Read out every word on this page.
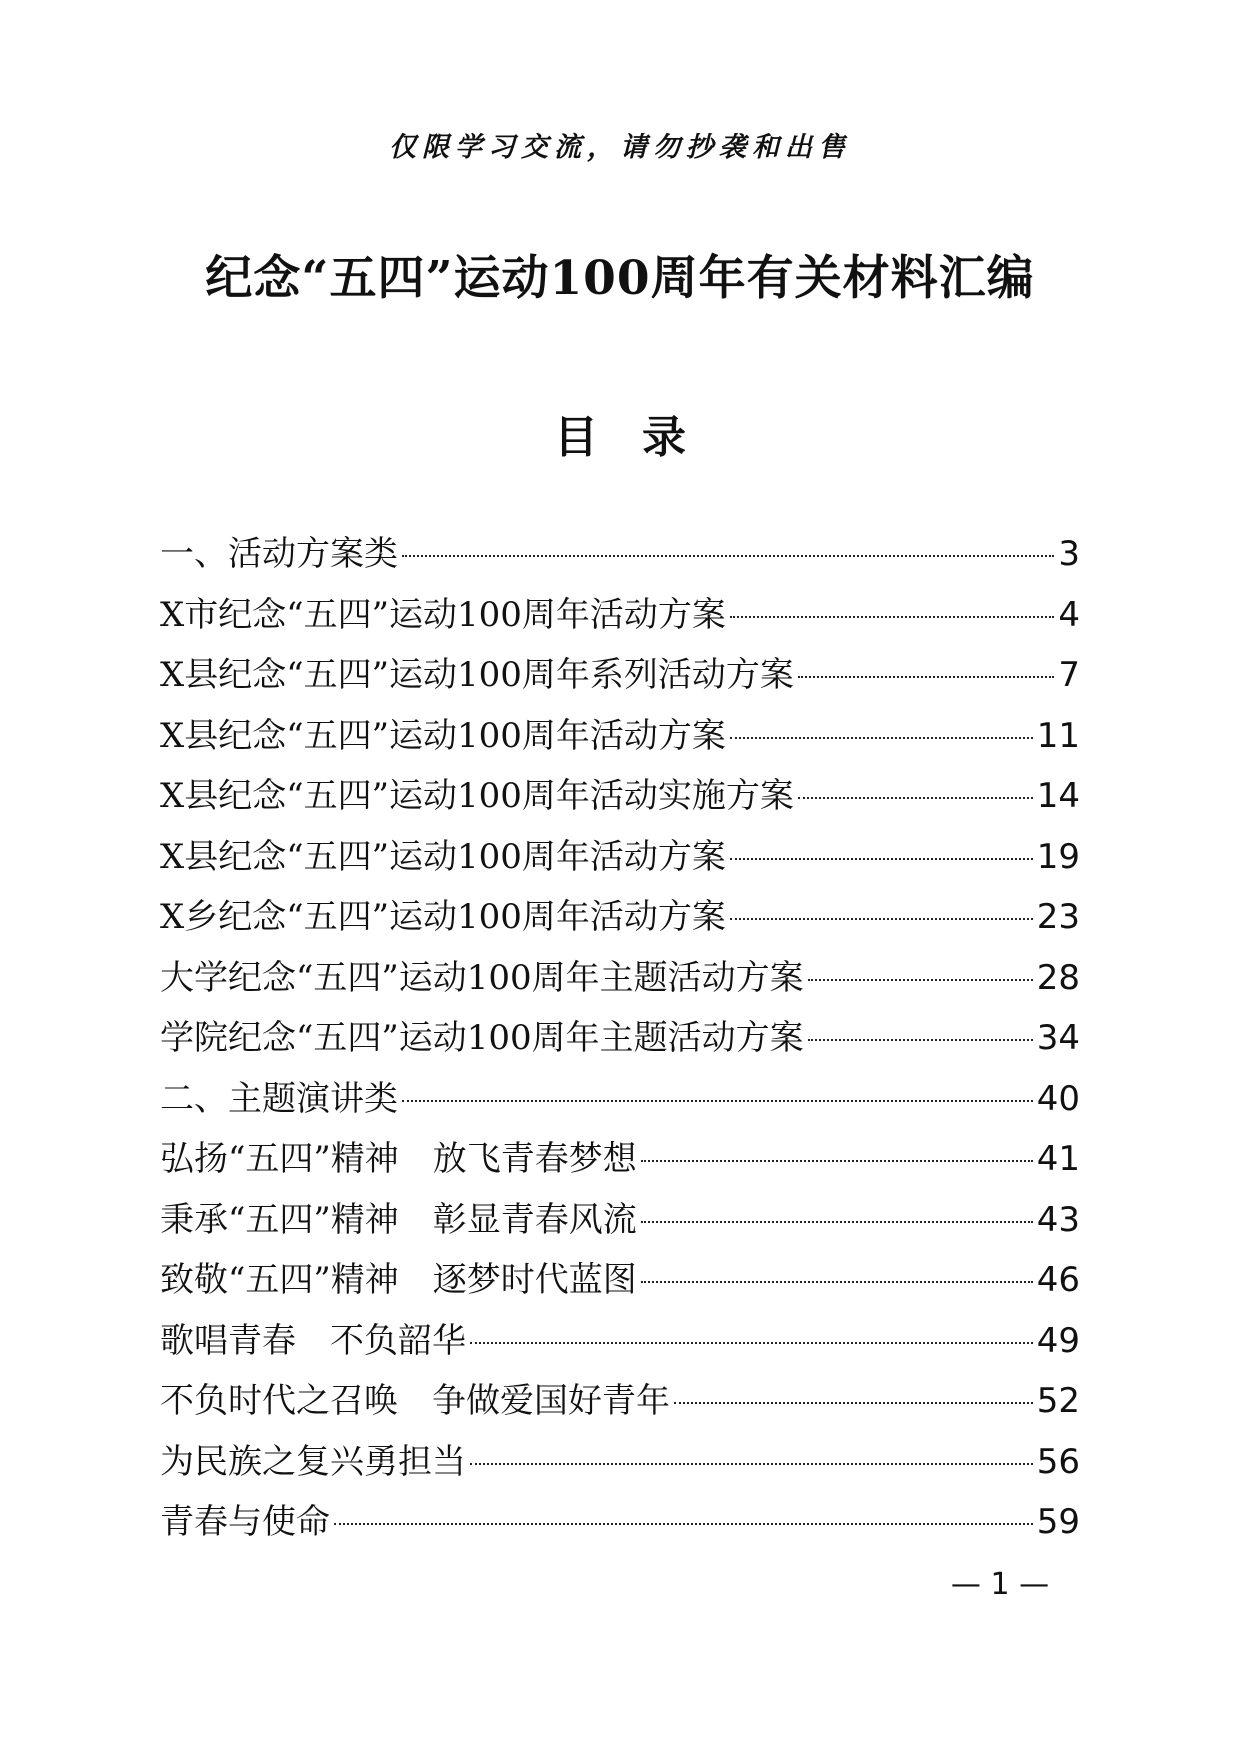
仅限学习交流，请勿抄袭和出售
纪念“五四”运动100周年有关材料汇编
目 录
一、活动方案类	3
X市纪念“五四”运动100周年活动方案	4
X县纪念“五四”运动100周年系列活动方案	7
X县纪念“五四”运动100周年活动方案	11
X县纪念“五四”运动100周年活动实施方案	14
X县纪念“五四”运动100周年活动方案	19
X乡纪念“五四”运动100周年活动方案	23
大学纪念“五四”运动100周年主题活动方案	28
学院纪念“五四”运动100周年主题活动方案	34
二、主题演讲类	40
弘扬“五四”精神　放飞青春梦想	41
秉承“五四”精神　彰显青春风流	43
致敬“五四”精神　逐梦时代蓝图	46
歌唱青春　不负韶华	49
不负时代之召唤　争做爱国好青年	52
为民族之复兴勇担当	56
青春与使命	59
— 1 —
